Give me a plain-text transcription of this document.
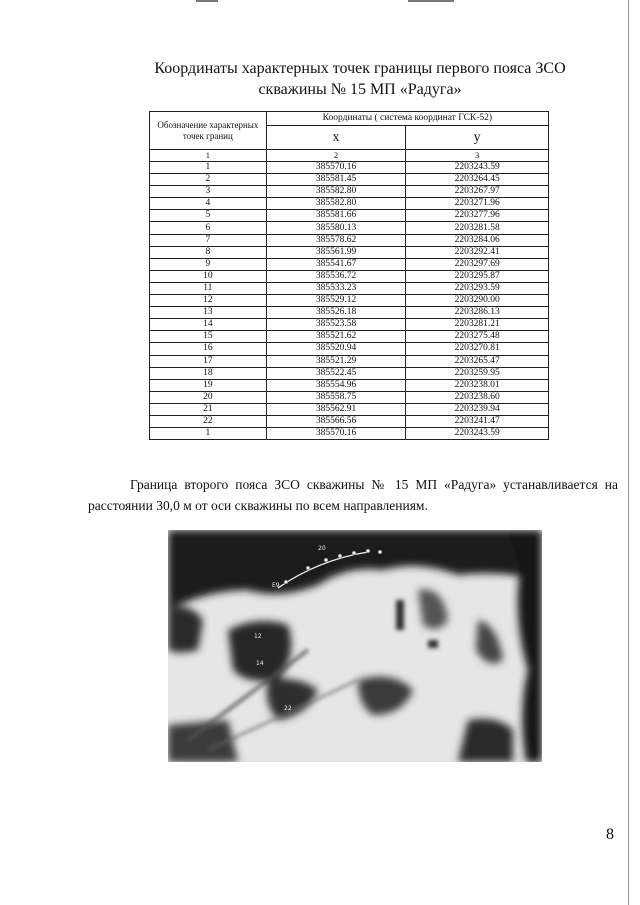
Координаты характерных точек границы первого пояса ЗСО
скважины № 15 МП «Радуга»
Обозначение характерных точек границ	Координаты ( система координат ГСК-52)	
	x	y
1	2	3
1	385570.16	2203243.59
2	385581.45	2203264.45
3	385582.80	2203267.97
4	385582.80	2203271.96
5	385581.66	2203277.96
6	385580.13	2203281.58
7	385578.62	2203284.06
8	385561.99	2203292.41
9	385541.67	2203297.69
10	385536.72	2203295.87
11	385533.23	2203293.59
12	385529.12	2203290.00
13	385526.18	2203286.13
14	385523.58	2203281.21
15	385521.62	2203275.48
16	385520.94	2203270.81
17	385521.29	2203265.47
18	385522.45	2203259.95
19	385554.96	2203238.01
20	385558.75	2203238.60
21	385562.91	2203239.94
22	385566.56	2203241.47
1	385570.16	2203243.59
Граница второго пояса ЗСО скважины № 15 МП «Радуга» устанавливается на расстоянии 30,0 м от оси скважины по всем направлениям.
E9
12
14
22
20
8
